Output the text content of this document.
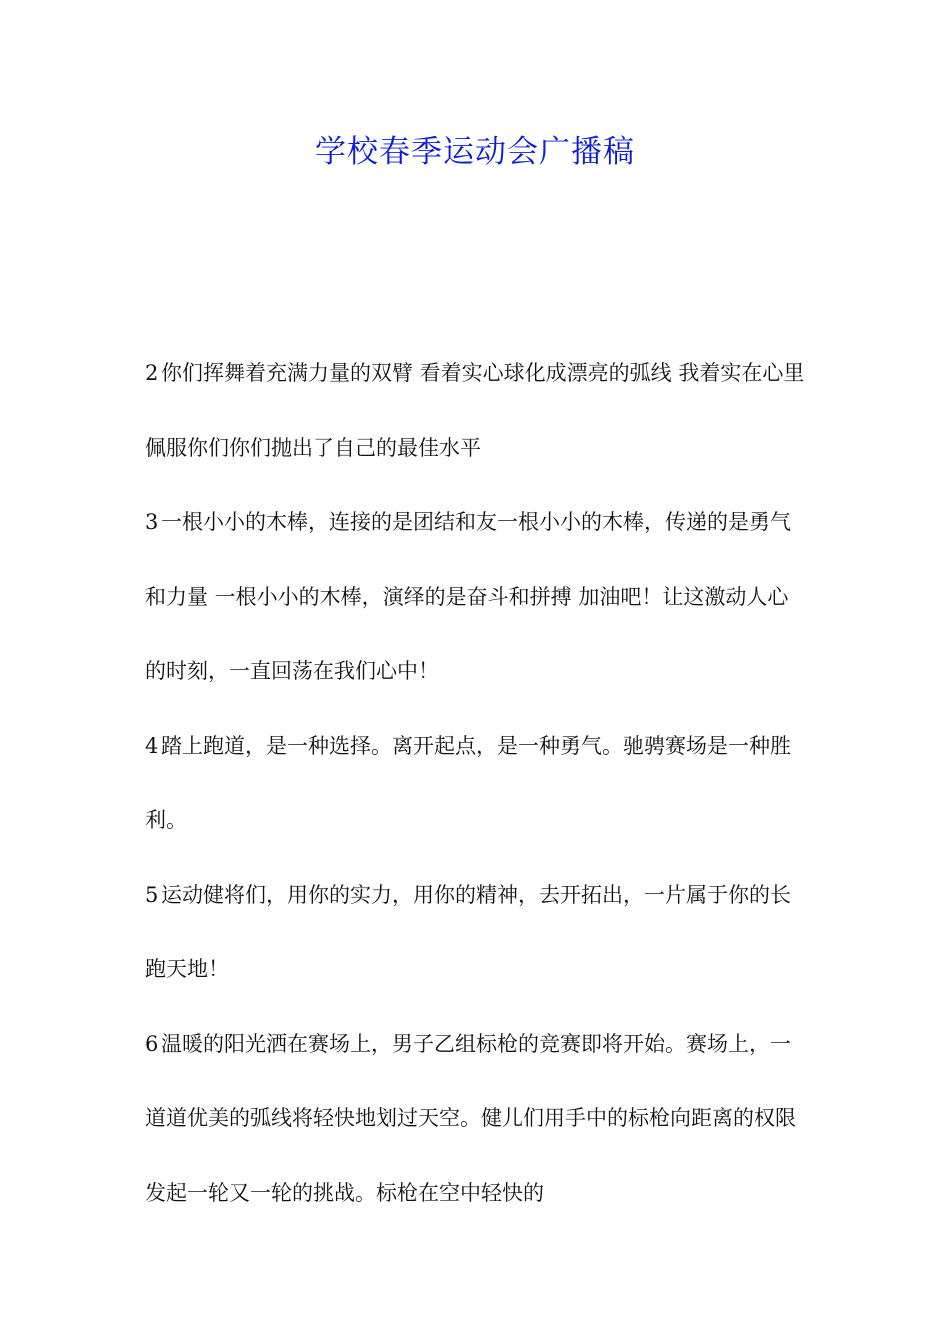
学校春季运动会广播稿

2 你们挥舞着充满力量的双臂 看着实心球化成漂亮的弧线 我着实在心里佩服你们你们抛出了自己的最佳水平

3 一根小小的木棒，连接的是团结和友一根小小的木棒，传递的是勇气和力量 一根小小的木棒，演绎的是奋斗和拼搏 加油吧！让这激动人心的时刻，一直回荡在我们心中！

4 踏上跑道，是一种选择。离开起点，是一种勇气。驰骋赛场是一种胜利。

5 运动健将们，用你的实力，用你的精神，去开拓出，一片属于你的长跑天地！

6 温暖的阳光洒在赛场上，男子乙组标枪的竞赛即将开始。赛场上，一道道优美的弧线将轻快地划过天空。健儿们用手中的标枪向距离的权限发起一轮又一轮的挑战。标枪在空中轻快的
